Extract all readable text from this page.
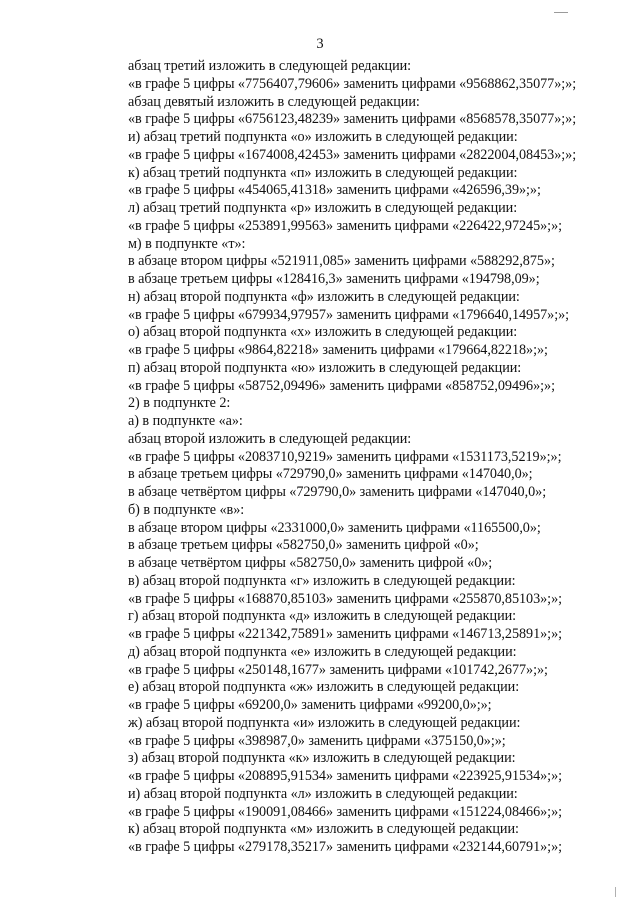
3
абзац третий изложить в следующей редакции:
«в графе 5 цифры «7756407,79606» заменить цифрами «9568862,35077»;»;
абзац девятый изложить в следующей редакции:
«в графе 5 цифры «6756123,48239» заменить цифрами «8568578,35077»;»;
и) абзац третий подпункта «о» изложить в следующей редакции:
«в графе 5 цифры «1674008,42453» заменить цифрами «2822004,08453»;»;
к) абзац третий подпункта «п» изложить в следующей редакции:
«в графе 5 цифры «454065,41318» заменить цифрами «426596,39»;»;
л) абзац третий подпункта «р» изложить в следующей редакции:
«в графе 5 цифры «253891,99563» заменить цифрами «226422,97245»;»;
м) в подпункте «т»:
в абзаце втором цифры «521911,085» заменить цифрами «588292,875»;
в абзаце третьем цифры «128416,3» заменить цифрами «194798,09»;
н) абзац второй подпункта «ф» изложить в следующей редакции:
«в графе 5 цифры «679934,97957» заменить цифрами «1796640,14957»;»;
о) абзац второй подпункта «х» изложить в следующей редакции:
«в графе 5 цифры «9864,82218» заменить цифрами «179664,82218»;»;
п) абзац второй подпункта «ю» изложить в следующей редакции:
«в графе 5 цифры «58752,09496» заменить цифрами «858752,09496»;»;
2) в подпункте 2:
а) в подпункте «а»:
абзац второй изложить в следующей редакции:
«в графе 5 цифры «2083710,9219» заменить цифрами «1531173,5219»;»;
в абзаце третьем цифры «729790,0» заменить цифрами «147040,0»;
в абзаце четвёртом цифры «729790,0» заменить цифрами «147040,0»;
б) в подпункте «в»:
в абзаце втором цифры «2331000,0» заменить цифрами «1165500,0»;
в абзаце третьем цифры «582750,0» заменить цифрой «0»;
в абзаце четвёртом цифры «582750,0» заменить цифрой «0»;
в) абзац второй подпункта «г» изложить в следующей редакции:
«в графе 5 цифры «168870,85103» заменить цифрами «255870,85103»;»;
г) абзац второй подпункта «д» изложить в следующей редакции:
«в графе 5 цифры «221342,75891» заменить цифрами «146713,25891»;»;
д) абзац второй подпункта «е» изложить в следующей редакции:
«в графе 5 цифры «250148,1677» заменить цифрами «101742,2677»;»;
е) абзац второй подпункта «ж» изложить в следующей редакции:
«в графе 5 цифры «69200,0» заменить цифрами «99200,0»;»;
ж) абзац второй подпункта «и» изложить в следующей редакции:
«в графе 5 цифры «398987,0» заменить цифрами «375150,0»;»;
з) абзац второй подпункта «к» изложить в следующей редакции:
«в графе 5 цифры «208895,91534» заменить цифрами «223925,91534»;»;
и) абзац второй подпункта «л» изложить в следующей редакции:
«в графе 5 цифры «190091,08466» заменить цифрами «151224,08466»;»;
к) абзац второй подпункта «м» изложить в следующей редакции:
«в графе 5 цифры «279178,35217» заменить цифрами «232144,60791»;»;
